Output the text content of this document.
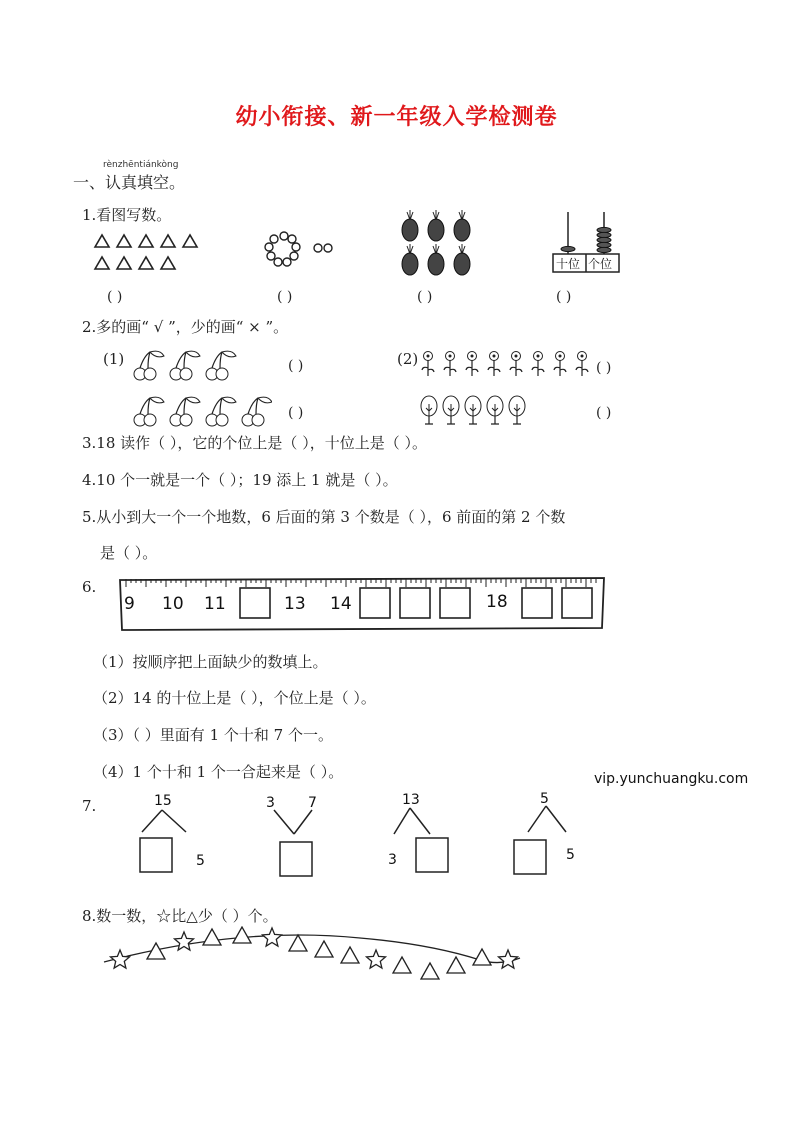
幼小衔接、新一年级入学检测卷
rènzhēntiánkòng
一、认真填空。
1.看图写数。
十位 个位
( )	( )	( )	( )
2.多的画“ √ ”，少的画“ × ”。
(1)	( )
( )
(2)	( )
( )
3.18 读作（ ），它的个位上是（ ），十位上是（ ）。
4.10 个一就是一个（ ）；19 添上 1 就是（ ）。
5.从小到大一个一个地数，6 后面的第 3 个数是（ ），6 前面的第 2 个数
是（ ）。
6.
9 10 11	13 14	18
（1）按顺序把上面缺少的数填上。
（2）14 的十位上是（ ），个位上是（ ）。
（3）（ ）里面有 1 个十和 7 个一。
（4）1 个十和 1 个一合起来是（ ）。	vip.yunchuangku.com
7.	15
5
3 7	13
3
5
5
8.数一数，☆比△少（ ）个。
